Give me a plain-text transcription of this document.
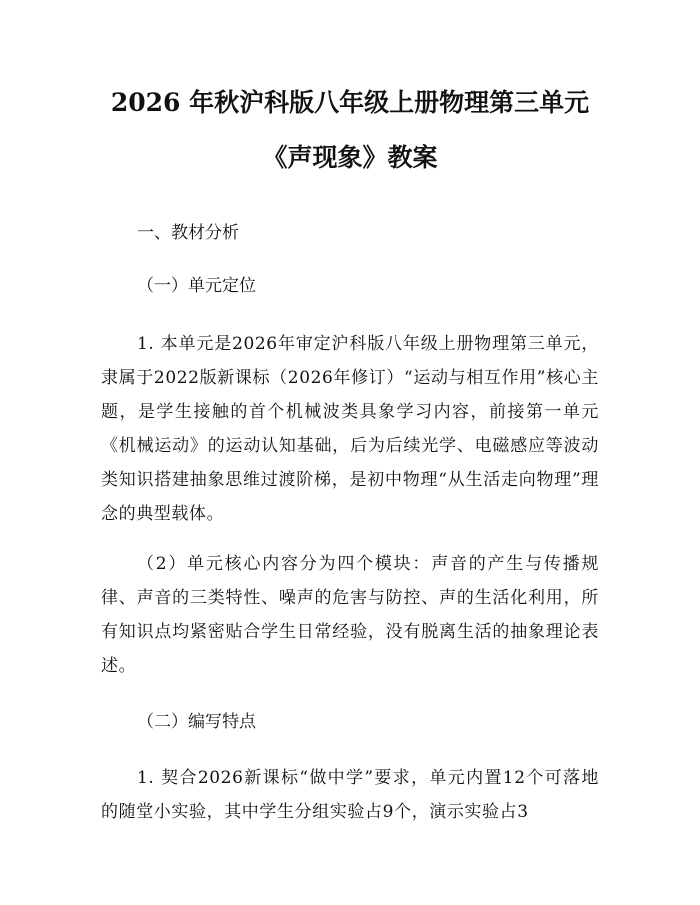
2026 年秋沪科版八年级上册物理第三单元

《声现象》教案

一、教材分析

（一）单元定位

1. 本单元是2026年审定沪科版八年级上册物理第三单元，隶属于2022版新课标（2026年修订）“运动与相互作用”核心主题，是学生接触的首个机械波类具象学习内容，前接第一单元《机械运动》的运动认知基础，后为后续光学、电磁感应等波动类知识搭建抽象思维过渡阶梯，是初中物理“从生活走向物理”理念的典型载体。

（2）单元核心内容分为四个模块：声音的产生与传播规律、声音的三类特性、噪声的危害与防控、声的生活化利用，所有知识点均紧密贴合学生日常经验，没有脱离生活的抽象理论表述。

（二）编写特点

1. 契合2026新课标“做中学”要求，单元内置12个可落地的随堂小实验，其中学生分组实验占9个，演示实验占3
